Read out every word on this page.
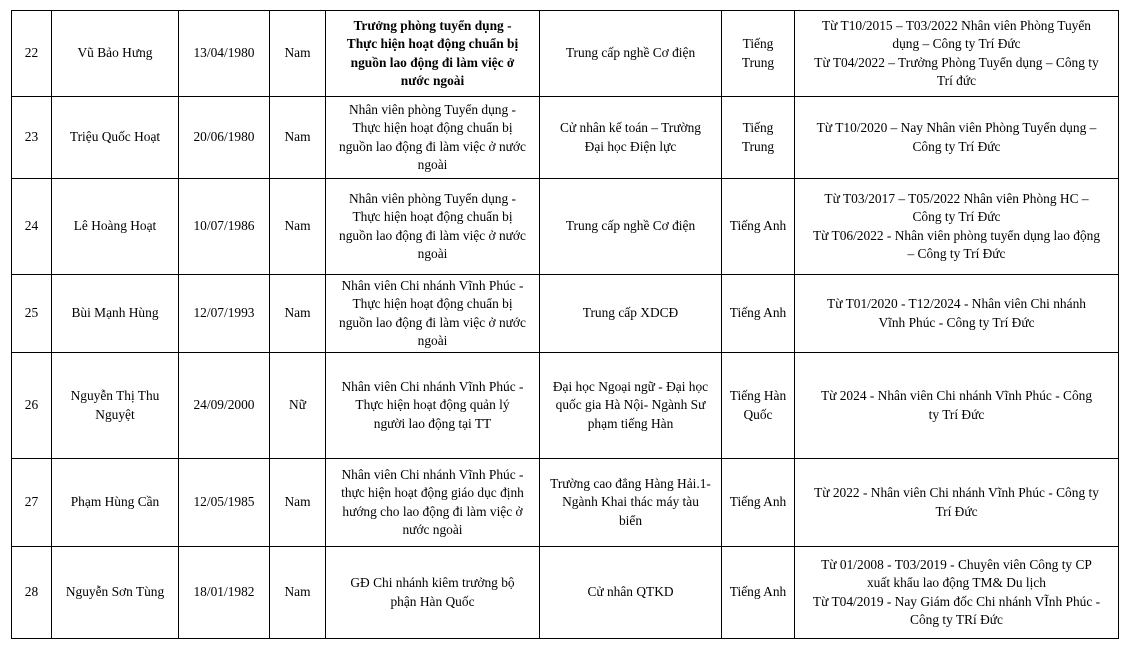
22	Vũ Bảo Hưng	13/04/1980	Nam	Trưởng phòng tuyển dụng -
Thực hiện hoạt động chuẩn bị
nguồn lao động đi làm việc ở
nước ngoài	Trung cấp nghề Cơ điện	Tiếng
Trung	Từ T10/2015 – T03/2022 Nhân viên Phòng Tuyển
dụng – Công ty Trí Đức
Từ T04/2022 – Trưởng Phòng Tuyển dụng – Công ty
Trí đức

23	Triệu Quốc Hoạt	20/06/1980	Nam	Nhân viên phòng Tuyển dụng -
Thực hiện hoạt động chuẩn bị
nguồn lao động đi làm việc ở nước
ngoài	Cử nhân kế toán – Trường
Đại học Điện lực	Tiếng
Trung	Từ T10/2020 – Nay Nhân viên Phòng Tuyển dụng –
Công ty Trí Đức

24	Lê Hoàng Hoạt	10/07/1986	Nam	Nhân viên phòng Tuyển dụng -
Thực hiện hoạt động chuẩn bị
nguồn lao động đi làm việc ở nước
ngoài	Trung cấp nghề Cơ điện	Tiếng Anh	Từ T03/2017 – T05/2022 Nhân viên Phòng HC –
Công ty Trí Đức
Từ T06/2022 - Nhân viên phòng tuyển dụng lao động
– Công ty Trí Đức

25	Bùi Mạnh Hùng	12/07/1993	Nam	Nhân viên Chi nhánh Vĩnh Phúc -
Thực hiện hoạt động chuẩn bị
nguồn lao động đi làm việc ở nước
ngoài	Trung cấp XDCĐ	Tiếng Anh	Từ T01/2020 - T12/2024 - Nhân viên Chi nhánh
Vĩnh Phúc - Công ty Trí Đức

26	Nguyễn Thị Thu
Nguyệt	24/09/2000	Nữ	Nhân viên Chi nhánh Vĩnh Phúc -
Thực hiện hoạt động quản lý
người lao động tại TT	Đại học Ngoại ngữ - Đại học
quốc gia Hà Nội- Ngành Sư
phạm tiếng Hàn	Tiếng Hàn
Quốc	Từ 2024 - Nhân viên Chi nhánh Vĩnh Phúc - Công
ty Trí Đức

27	Phạm Hùng Cần	12/05/1985	Nam	Nhân viên Chi nhánh Vĩnh Phúc -
thực hiện hoạt động giáo dục định
hướng cho lao động đi làm việc ở
nước ngoài	Trường cao đẳng Hàng Hải.1-
Ngành Khai thác máy tàu
biển	Tiếng Anh	Từ 2022 - Nhân viên Chi nhánh Vĩnh Phúc - Công ty
Trí Đức

28	Nguyễn Sơn Tùng	18/01/1982	Nam	GĐ Chi nhánh kiêm trưởng bộ
phận Hàn Quốc	Cử nhân QTKD	Tiếng Anh	Từ 01/2008 - T03/2019 - Chuyên viên Công ty CP
xuất khẩu lao động TM& Du lịch
Từ T04/2019 - Nay Giám đốc Chi nhánh VĨnh Phúc -
Công ty TRí Đức
